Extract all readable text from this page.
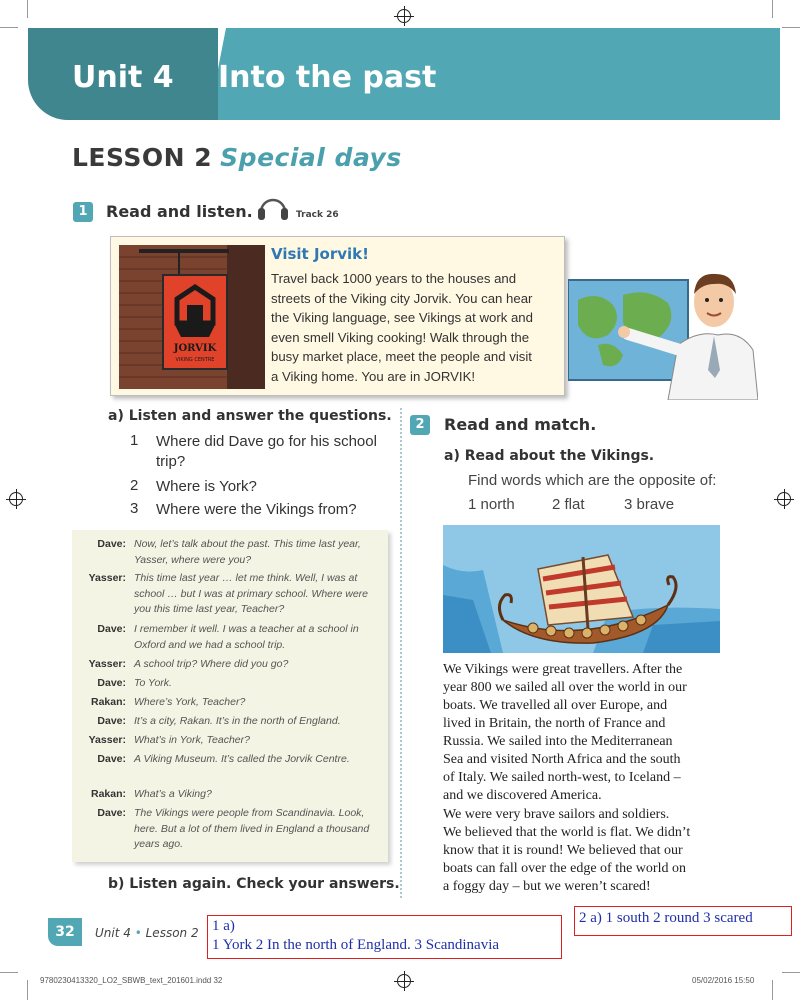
Unit 4 Into the past
LESSON 2 Special days
1	Read and listen.	Track 26
JORVIK
VIKING CENTRE
Visit Jorvik!
Travel back 1000 years to the houses and
streets of the Viking city Jorvik. You can hear
the Viking language, see Vikings at work and
even smell Viking cooking! Walk through the
busy market place, meet the people and visit
a Viking home. You are in JORVIK!
a) Listen and answer the questions.
1 Where did Dave go for his school trip?
2 Where is York?
3 Where were the Vikings from?
Dave: Now, let’s talk about the past. This time last year, Yasser, where were you?
Yasser: This time last year … let me think. Well, I was at school … but I was at primary school. Where were you this time last year, Teacher?
Dave: I remember it well. I was a teacher at a school in Oxford and we had a school trip.
Yasser: A school trip? Where did you go?
Dave: To York.
Rakan: Where’s York, Teacher?
Dave: It’s a city, Rakan. It’s in the north of England.
Yasser: What’s in York, Teacher?
Dave: A Viking Museum. It’s called the Jorvik Centre.
Rakan: What’s a Viking?
Dave: The Vikings were people from Scandinavia. Look, here. But a lot of them lived in England a thousand years ago.
b) Listen again. Check your answers.
2	Read and match.
a) Read about the Vikings.
Find words which are the opposite of:
1 north 2 flat	3 brave
We Vikings were great travellers. After the
year 800 we sailed all over the world in our
boats. We travelled all over Europe, and
lived in Britain, the north of France and
Russia. We sailed into the Mediterranean
Sea and visited North Africa and the south
of Italy. We sailed north-west, to Iceland –
and we discovered America.
We were very brave sailors and soldiers.
We believed that the world is flat. We didn’t
know that it is round! We believed that our
boats can fall over the edge of the world on
a foggy day – but we weren’t scared!
32	Unit 4 • Lesson 2 1 a)
1 York 2 In the north of England. 3 Scandinavia
2 a) 1 south 2 round 3 scared
9780230413320_LO2_SBWB_text_201601.indd 32	05/02/2016 15:50
